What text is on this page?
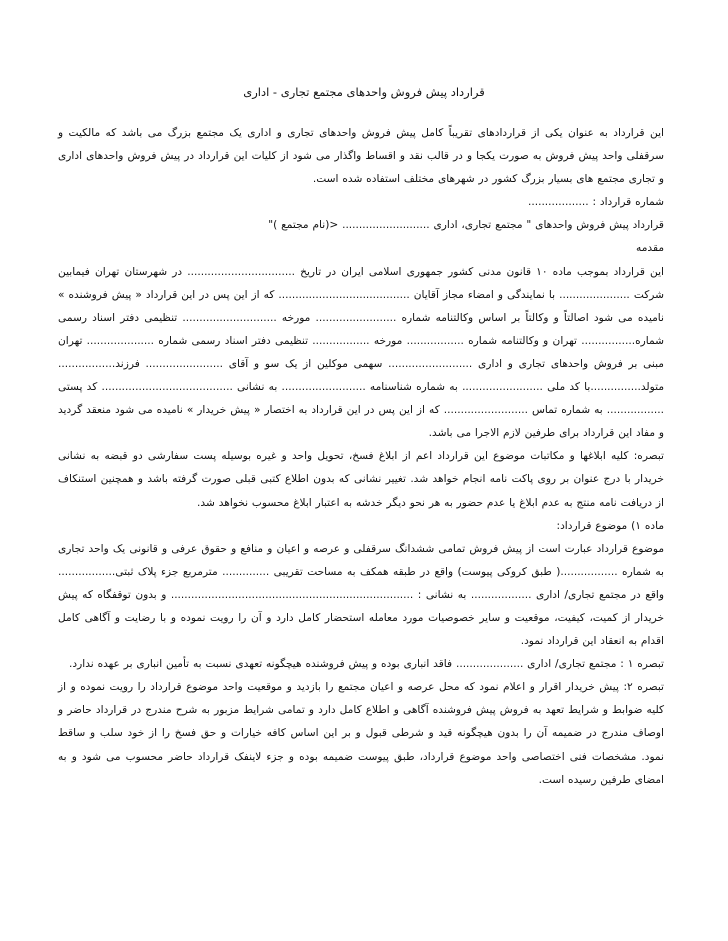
قرارداد پیش فروش واحدهای مجتمع تجاری - اداری

این قرارداد به عنوان یکی از قراردادهای تقریباً کامل پیش فروش واحدهای تجاری و اداری یک مجتمع بزرگ می باشد که مالکیت و سرقفلی واحد پیش فروش به صورت یکجا و در قالب نقد و اقساط واگذار می شود از کلیات این قرارداد در پیش فروش واحدهای اداری و تجاری مجتمع های بسیار بزرگ کشور در شهرهای مختلف استفاده شده است.

شماره قرارداد : ..................

قرارداد پیش فروش واحدهای " مجتمع تجاری، اداری .......................... <(نام مجتمع )"

مقدمه

این قرارداد بموجب ماده ۱۰ قانون مدنی کشور جمهوری اسلامی ایران در تاریخ ................................ در شهرستان تهران فیمابین شرکت ..................... با نمایندگی و امضاء مجاز آقایان ....................................... که از این پس در این قرارداد « پیش فروشنده » نامیده می شود اصالتاً و وکالتاً بر اساس وکالتنامه شماره ........................ مورخه ............................ تنظیمی دفتر اسناد رسمی شماره................ تهران و وکالتنامه شماره ................. مورخه ................. تنظیمی دفتر اسناد رسمی شماره .................... تهران مبنی بر فروش واحدهای تجاری و اداری ......................... سهمی موکلین از یک سو و آقای ....................... فرزند................. متولد...............با کد ملی ........................ به شماره شناسنامه ......................... به نشانی ....................................... کد پستی ................. به شماره تماس ......................... که از این پس در این قرارداد به اختصار « پیش خریدار » نامیده می شود منعقد گردید و مفاد این قرارداد برای طرفین لازم الاجرا می باشد.

تبصره: کلیه ابلاغها و مکاتبات موضوع این قرارداد اعم از ابلاغ فسخ، تحویل واحد و غیره بوسیله پست سفارشی دو قبضه به نشانی خریدار با درج عنوان بر روی پاکت نامه انجام خواهد شد. تغییر نشانی که بدون اطلاع کتبی قبلی صورت گرفته باشد و همچنین استنکاف از دریافت نامه منتج به عدم ابلاغ یا عدم حضور به هر نحو دیگر خدشه به اعتبار ابلاغ محسوب نخواهد شد.

ماده ۱) موضوع قرارداد:

موضوع قرارداد عبارت است از پیش فروش تمامی ششدانگ سرقفلی و عرصه و اعیان و منافع و حقوق عرفی و قانونی یک واحد تجاری به شماره .................( طبق کروکی پیوست) واقع در طبقه همکف به مساحت تقریبی .............. مترمربع جزء پلاک ثبتی................. واقع در مجتمع تجاری/ اداری .................. به نشانی : ........................................................................ و بدون توقفگاه که پیش خریدار از کمیت، کیفیت، موقعیت و سایر خصوصیات مورد معامله استحضار کامل دارد و آن را رویت نموده و با رضایت و آگاهی کامل اقدام به انعقاد این قرارداد نمود.

تبصره ۱ : مجتمع تجاری/ اداری .................... فاقد انباری بوده و پیش فروشنده هیچگونه تعهدی نسبت به تأمین انباری بر عهده ندارد.

تبصره ۲: پیش خریدار اقرار و اعلام نمود که محل عرصه و اعیان مجتمع را بازدید و موقعیت واحد موضوع قرارداد را رویت نموده و از کلیه ضوابط و شرایط تعهد به فروش پیش فروشنده آگاهی و اطلاع کامل دارد و تمامی شرایط مزبور به شرح مندرج در قرارداد حاضر و اوصاف مندرج در ضمیمه آن را بدون هیچگونه قید و شرطی قبول و بر این اساس کافه خیارات و حق فسخ را از خود سلب و ساقط نمود. مشخصات فنی اختصاصی واحد موضوع قرارداد، طبق پیوست ضمیمه بوده و جزء لاینفک قرارداد حاضر محسوب می شود و به امضای طرفین رسیده است.
